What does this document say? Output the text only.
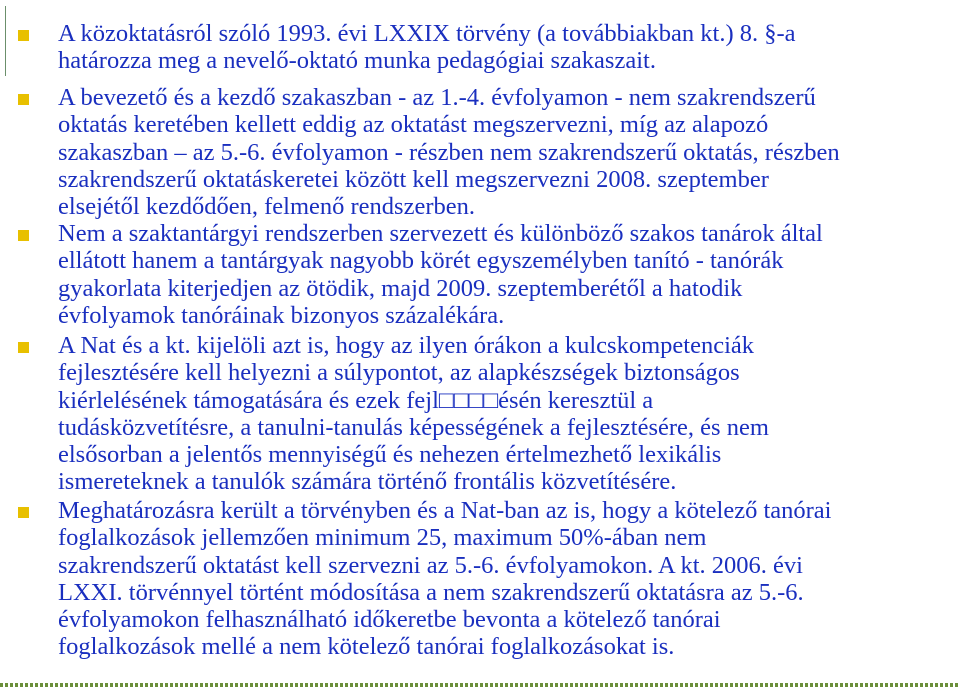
A közoktatásról szóló 1993. évi LXXIX törvény (a továbbiakban kt.) 8. §-a
határozza meg a nevelő-oktató munka pedagógiai szakaszait.
A bevezető és a kezdő szakaszban - az 1.-4. évfolyamon - nem szakrendszerű
oktatás keretében kellett eddig az oktatást megszervezni, míg az alapozó
szakaszban – az 5.-6. évfolyamon - részben nem szakrendszerű oktatás, részben
szakrendszerű oktatáskeretei között kell megszervezni 2008. szeptember
elsejétől kezdődően, felmenő rendszerben.
Nem a szaktantárgyi rendszerben szervezett és különböző szakos tanárok által
ellátott hanem a tantárgyak nagyobb körét egyszemélyben tanító - tanórák
gyakorlata kiterjedjen az ötödik, majd 2009. szeptemberétől a hatodik
évfolyamok tanóráinak bizonyos százalékára.
A Nat és a kt. kijelöli azt is, hogy az ilyen órákon a kulcskompetenciák
fejlesztésére kell helyezni a súlypontot, az alapkészségek biztonságos
kiérlelésének támogatására és ezek fejl□□□□ésén keresztül a
tudásközvetítésre, a tanulni-tanulás képességének a fejlesztésére, és nem
elsősorban a jelentős mennyiségű és nehezen értelmezhető lexikális
ismereteknek a tanulók számára történő frontális közvetítésére.
Meghatározásra került a törvényben és a Nat-ban az is, hogy a kötelező tanórai
foglalkozások jellemzően minimum 25, maximum 50%-ában nem
szakrendszerű oktatást kell szervezni az 5.-6. évfolyamokon. A kt. 2006. évi
LXXI. törvénnyel történt módosítása a nem szakrendszerű oktatásra az 5.-6.
évfolyamokon felhasználható időkeretbe bevonta a kötelező tanórai
foglalkozások mellé a nem kötelező tanórai foglalkozásokat is.
